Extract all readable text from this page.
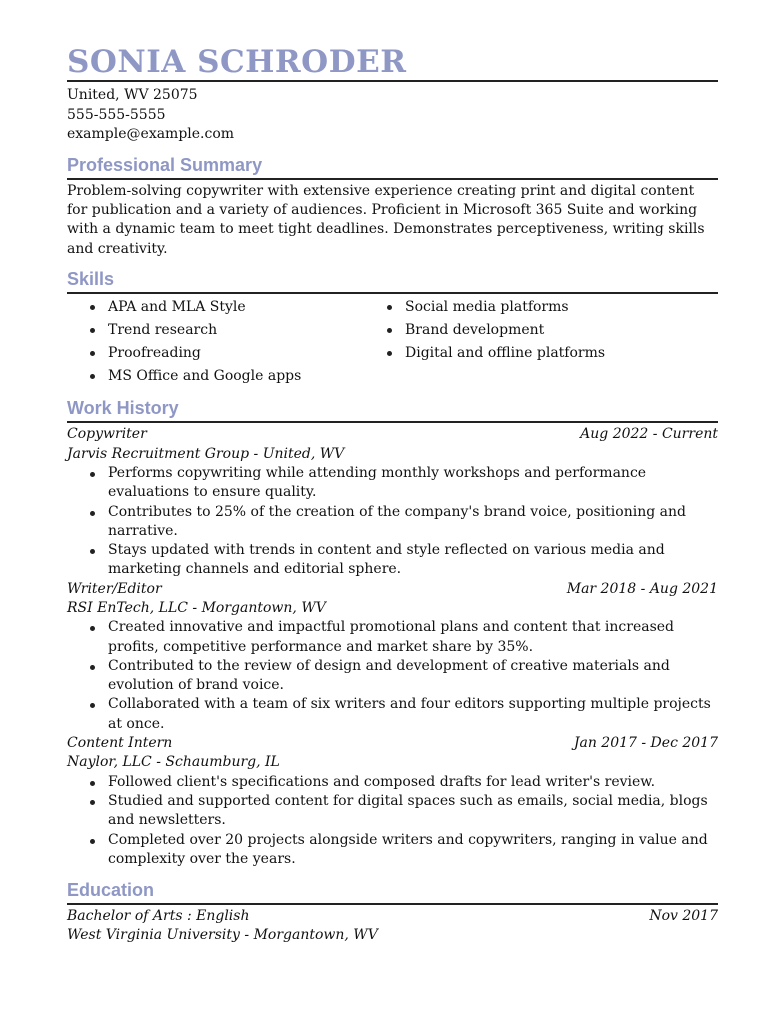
SONIA SCHRODER
United, WV 25075
555-555-5555
example@example.com
Professional Summary

Problem-solving copywriter with extensive experience creating print and digital content for publication and a variety of audiences. Proficient in Microsoft 365 Suite and working with a dynamic team to meet tight deadlines. Demonstrates perceptiveness, writing skills and creativity.

Skills
APA and MLA Style
Trend research
Proofreading
MS Office and Google apps
Social media platforms
Brand development
Digital and offline platforms
Work History
Copywriter	Aug 2022 - Current
Jarvis Recruitment Group - United, WV
Performs copywriting while attending monthly workshops and performance evaluations to ensure quality.
Contributes to 25% of the creation of the company's brand voice, positioning and narrative.
Stays updated with trends in content and style reflected on various media and marketing channels and editorial sphere.
Writer/Editor	Mar 2018 - Aug 2021
RSI EnTech, LLC - Morgantown, WV
Created innovative and impactful promotional plans and content that increased profits, competitive performance and market share by 35%.
Contributed to the review of design and development of creative materials and evolution of brand voice.
Collaborated with a team of six writers and four editors supporting multiple projects at once.
Content Intern	Jan 2017 - Dec 2017
Naylor, LLC - Schaumburg, IL
Followed client's specifications and composed drafts for lead writer's review.
Studied and supported content for digital spaces such as emails, social media, blogs and newsletters.
Completed over 20 projects alongside writers and copywriters, ranging in value and complexity over the years.
Education
Bachelor of Arts : English	Nov 2017
West Virginia University - Morgantown, WV
